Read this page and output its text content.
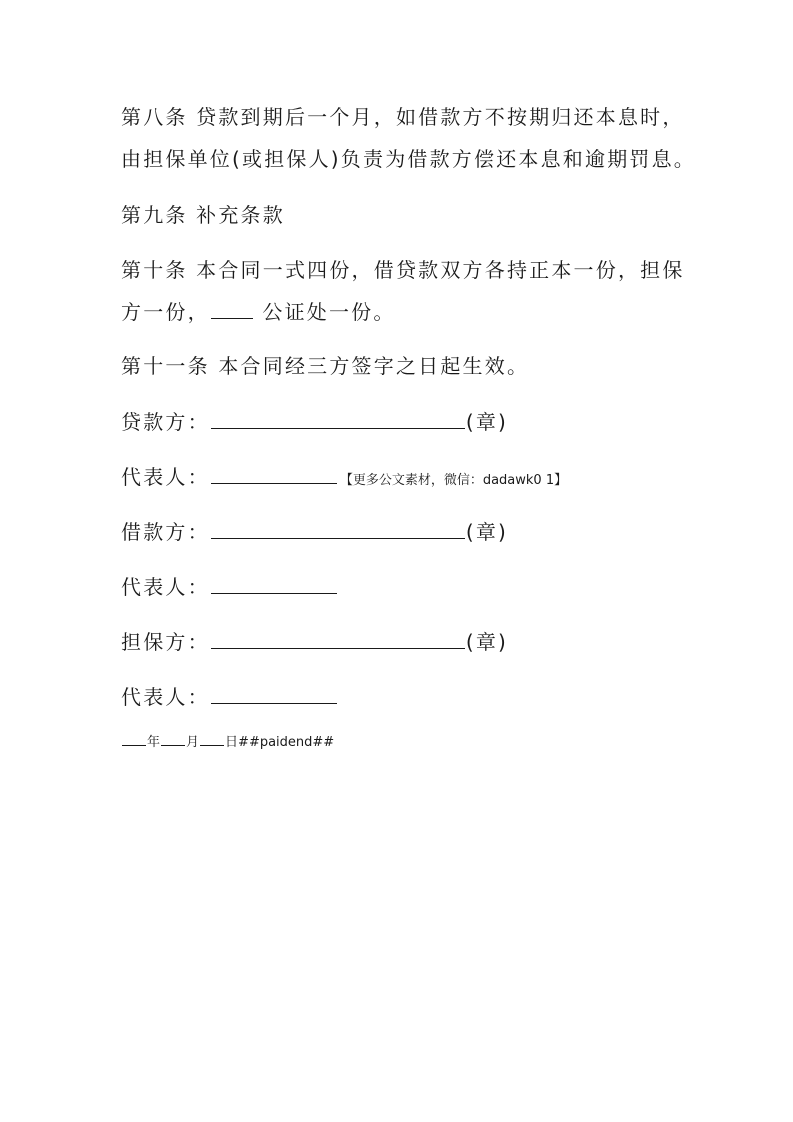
第八条 贷款到期后一个月，如借款方不按期归还本息时，
由担保单位(或担保人)负责为借款方偿还本息和逾期罚息。
第九条 补充条款
第十条 本合同一式四份，借贷款双方各持正本一份，担保
方一份， 公证处一份。
第十一条 本合同经三方签字之日起生效。
贷款方：	(章)
代表人：	【更多公文素材，微信：dadawk0 1】
借款方：	(章)
代表人：
担保方：	(章)
代表人：
年 月 日##paidend##
